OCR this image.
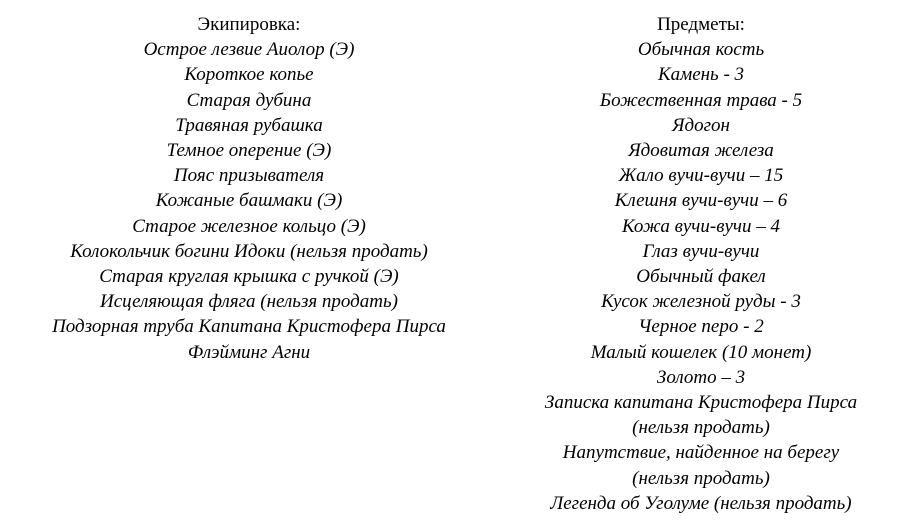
Экипировка:
Острое лезвие Аиолор (Э)
Короткое копье
Старая дубина
Травяная рубашка
Темное оперение (Э)
Пояс призывателя
Кожаные башмаки (Э)
Старое железное кольцо (Э)
Колокольчик богини Идоки (нельзя продать)
Старая круглая крышка с ручкой (Э)
Исцеляющая фляга (нельзя продать)
Подзорная труба Капитана Кристофера Пирса
Флэйминг Агни
Предметы:
Обычная кость
Камень - 3
Божественная трава - 5
Ядогон
Ядовитая железа
Жало вучи-вучи – 15
Клешня вучи-вучи – 6
Кожа вучи-вучи – 4
Глаз вучи-вучи
Обычный факел
Кусок железной руды - 3
Черное перо - 2
Малый кошелек (10 монет)
Золото – 3
Записка капитана Кристофера Пирса
(нельзя продать)
Напутствие, найденное на берегу
(нельзя продать)
Легенда об Уголуме (нельзя продать)
